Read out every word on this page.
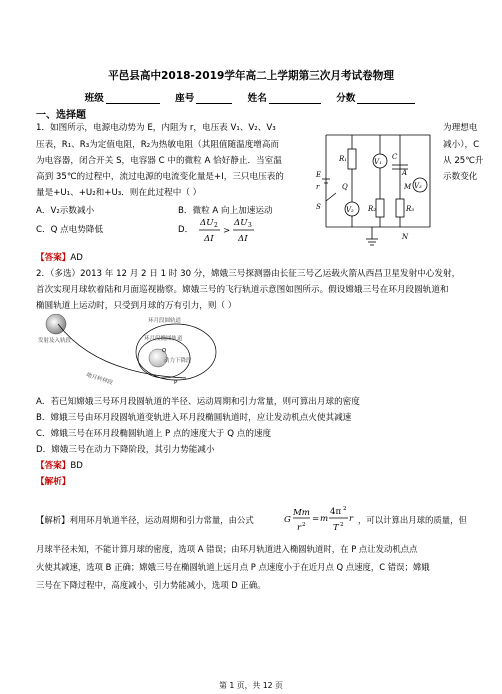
平邑县高中2018-2019学年高二上学期第三次月考试卷物理
班级	座号	姓名	分数
一、选择题
1．如图所示，电源电动势为 E，内阻为 r，电压表 V₁、V₂、V₃
压表，R₁、R₃为定值电阻，R₂为热敏电阻（其阻值随温度增高而
为电容器，闭合开关 S，电容器 C 中的微粒 A 恰好静止．当室温
高到 35℃的过程中，流过电源的电流变化量是+I，三只电压表的
量是+U₁、+U₂和+U₃．则在此过程中（ ）
为理想电
减小），C
从 25℃升
示数变化
A．V₂示数减小	B．微粒 A 向上加速运动
C．Q 点电势降低	D．
ΔU 2
ΔI
>
ΔU 3
ΔI
【答案】AD
R₁	V₁
C
A
E
r	Q	M V₃
S	V₂ R₂	R₃
N
2．（多选）2013 年 12 月 2 日 1 时 30 分，嫦娥三号探测器由长征三号乙运载火箭从西昌卫星发射中心发射，
首次实现月球软着陆和月面巡视勘察。嫦娥三号的飞行轨道示意图如图所示。假设嫦娥三号在环月段圆轨道和
椭圆轨道上运动时，只受到月球的万有引力，则（ ）
发射及入轨段
环月段圆轨道
环月段椭圆轨道
地月转移段
动力下降段
P
Q
A．若已知嫦娥三号环月段圆轨道的半径、运动周期和引力常量，则可算出月球的密度
B．嫦娥三号由环月段圆轨道变轨进入环月段椭圆轨道时，应让发动机点火使其减速
C．嫦娥三号在环月段椭圆轨道上 P 点的速度大于 Q 点的速度
D．嫦娥三号在动力下降阶段，其引力势能减小
【答案】BD
【解析】
【解析】利用环月轨道半径，运动周期和引力常量，由公式	G
Mm
r 2
= m
4π 2
T 2
r ，可以计算出月球的质量，但
月球半径未知，不能计算月球的密度，选项 A 错误；由环月轨道进入椭圆轨道时，在 P 点让发动机点点
火使其减速，选项 B 正确；嫦娥三号在椭圆轨道上远月点 P 点速度小于在近月点 Q 点速度，C 错误；嫦娥
三号在下降过程中，高度减小，引力势能减小，选项 D 正确。
第 1 页，共 12 页
